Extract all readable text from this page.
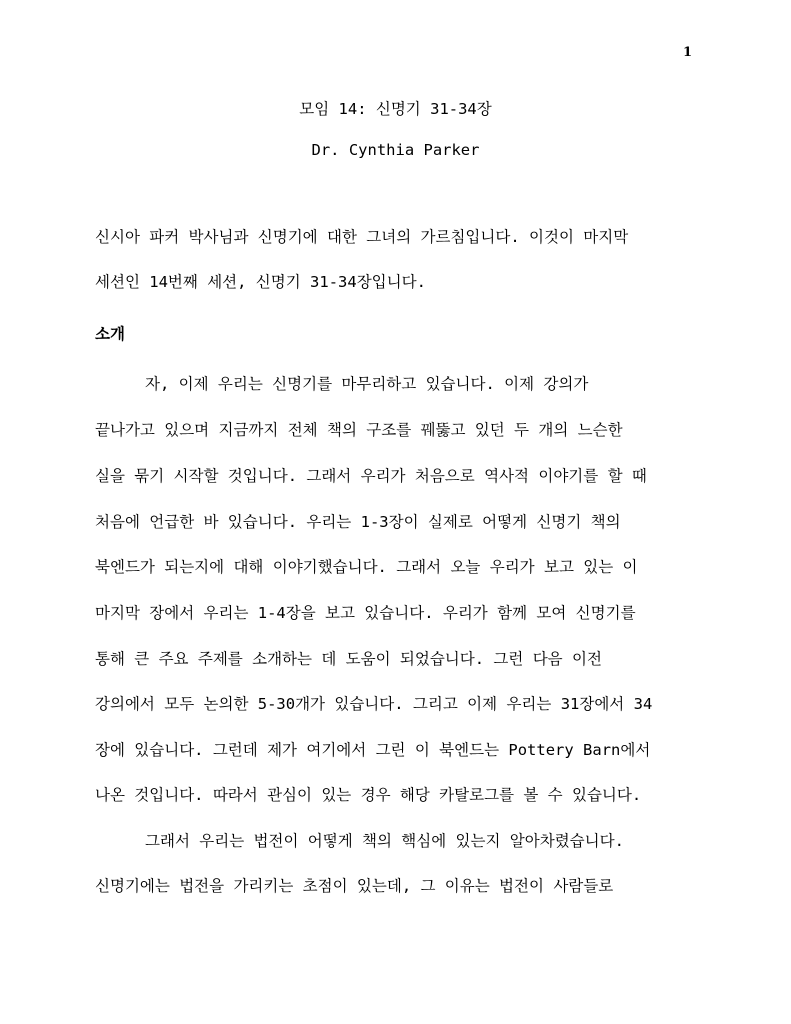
1
모임 14: 신명기 31-34장
Dr. Cynthia Parker
신시아 파커 박사님과 신명기에 대한 그녀의 가르침입니다. 이것이 마지막
세션인 14번째 세션, 신명기 31-34장입니다.
소개
자, 이제 우리는 신명기를 마무리하고 있습니다. 이제 강의가
끝나가고 있으며 지금까지 전체 책의 구조를 꿰뚫고 있던 두 개의 느슨한
실을 묶기 시작할 것입니다. 그래서 우리가 처음으로 역사적 이야기를 할 때
처음에 언급한 바 있습니다. 우리는 1-3장이 실제로 어떻게 신명기 책의
북엔드가 되는지에 대해 이야기했습니다. 그래서 오늘 우리가 보고 있는 이
마지막 장에서 우리는 1-4장을 보고 있습니다. 우리가 함께 모여 신명기를
통해 큰 주요 주제를 소개하는 데 도움이 되었습니다. 그런 다음 이전
강의에서 모두 논의한 5-30개가 있습니다. 그리고 이제 우리는 31장에서 34
장에 있습니다. 그런데 제가 여기에서 그린 이 북엔드는 Pottery Barn에서
나온 것입니다. 따라서 관심이 있는 경우 해당 카탈로그를 볼 수 있습니다.
그래서 우리는 법전이 어떻게 책의 핵심에 있는지 알아차렸습니다.
신명기에는 법전을 가리키는 초점이 있는데, 그 이유는 법전이 사람들로
